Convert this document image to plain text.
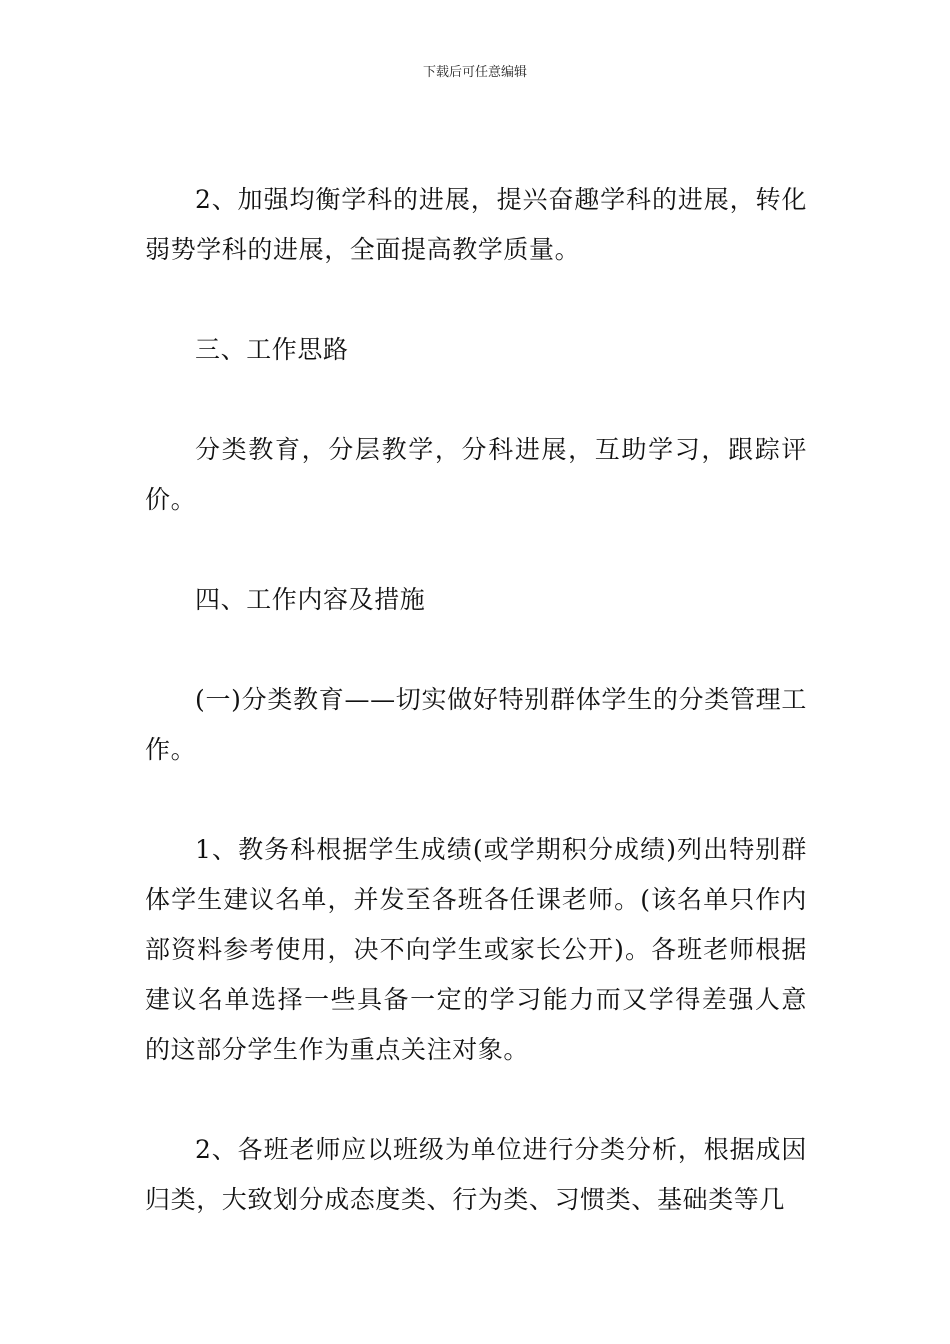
下载后可任意编辑

2、加强均衡学科的进展，提兴奋趣学科的进展，转化弱势学科的进展，全面提高教学质量。

三、工作思路

分类教育，分层教学，分科进展，互助学习，跟踪评价。

四、工作内容及措施

(一)分类教育——切实做好特别群体学生的分类管理工作。

1、教务科根据学生成绩(或学期积分成绩)列出特别群体学生建议名单，并发至各班各任课老师。(该名单只作内部资料参考使用，决不向学生或家长公开)。各班老师根据建议名单选择一些具备一定的学习能力而又学得差强人意的这部分学生作为重点关注对象。

2、各班老师应以班级为单位进行分类分析，根据成因归类，大致划分成态度类、行为类、习惯类、基础类等几
